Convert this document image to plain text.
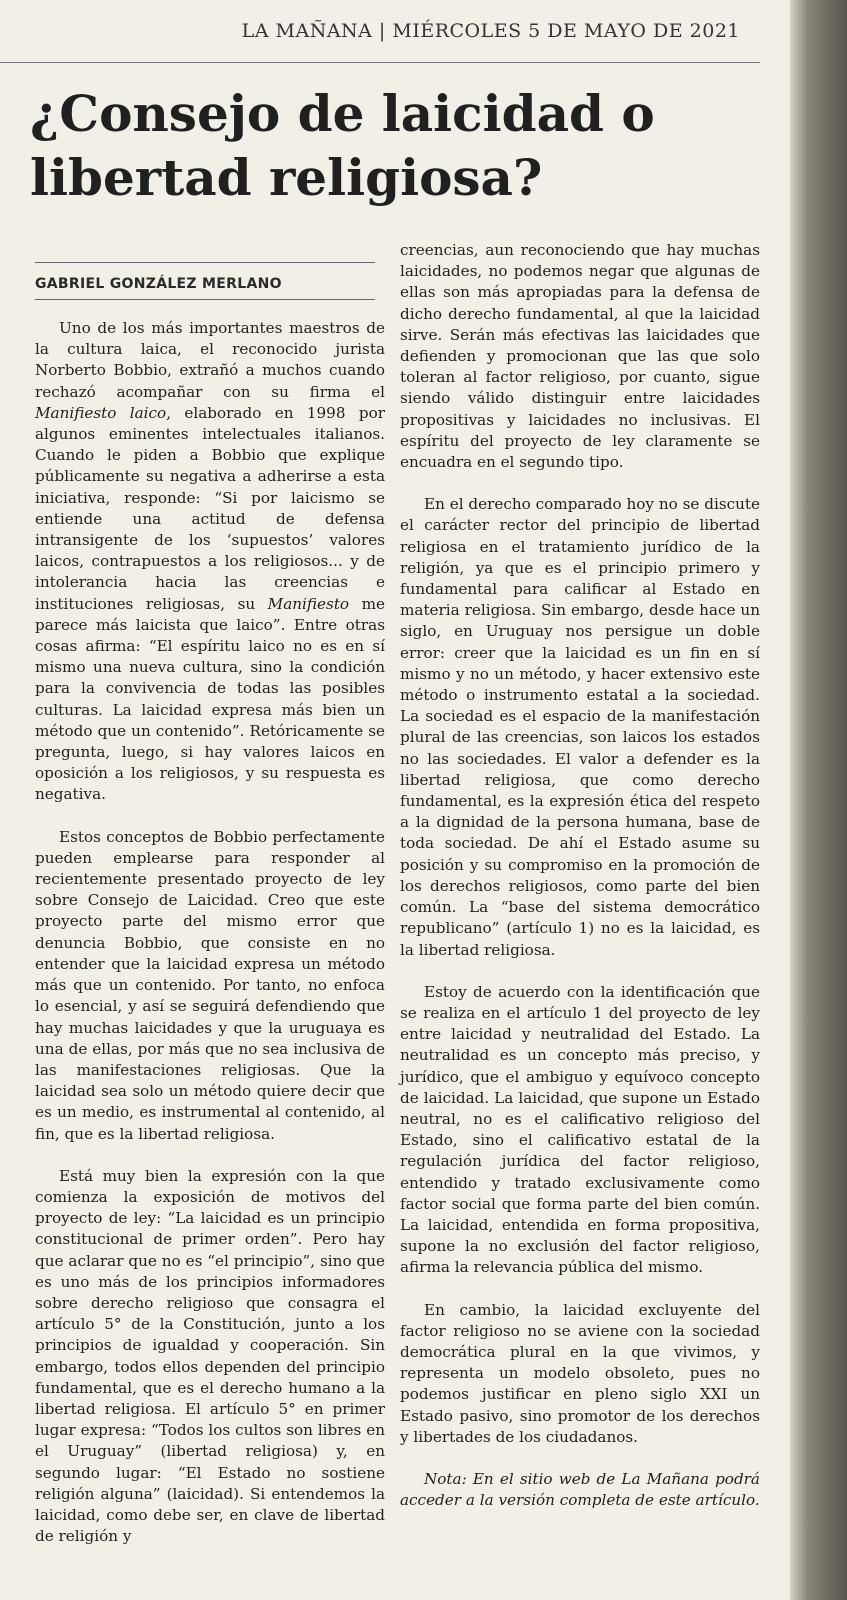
LA MAÑANA | MIÉRCOLES 5 DE MAYO DE 2021
¿Consejo de laicidad o libertad religiosa?
GABRIEL GONZÁLEZ MERLANO

Uno de los más importantes maestros de la cultura laica, el reconocido jurista Norberto Bobbio, extrañó a muchos cuando rechazó acompañar con su firma el Manifiesto laico, elaborado en 1998 por algunos eminentes intelectuales italianos. Cuando le piden a Bobbio que explique públicamente su negativa a adherirse a esta iniciativa, responde: “Si por laicismo se entiende una actitud de defensa intransigente de los ‘supuestos’ valores laicos, contrapuestos a los religiosos... y de intolerancia hacia las creencias e instituciones religiosas, su Manifiesto me parece más laicista que laico”. Entre otras cosas afirma: “El espíritu laico no es en sí mismo una nueva cultura, sino la condición para la convivencia de todas las posibles culturas. La laicidad expresa más bien un método que un contenido”. Retóricamente se pregunta, luego, si hay valores laicos en oposición a los religiosos, y su respuesta es negativa.

Estos conceptos de Bobbio perfectamente pueden emplearse para responder al recientemente presentado proyecto de ley sobre Consejo de Laicidad. Creo que este proyecto parte del mismo error que denuncia Bobbio, que consiste en no entender que la laicidad expresa un método más que un contenido. Por tanto, no enfoca lo esencial, y así se seguirá defendiendo que hay muchas laicidades y que la uruguaya es una de ellas, por más que no sea inclusiva de las manifestaciones religiosas. Que la laicidad sea solo un método quiere decir que es un medio, es instrumental al contenido, al fin, que es la libertad religiosa.

Está muy bien la expresión con la que comienza la exposición de motivos del proyecto de ley: “La laicidad es un principio constitucional de primer orden”. Pero hay que aclarar que no es “el principio”, sino que es uno más de los principios informadores sobre derecho religioso que consagra el artículo 5° de la Constitución, junto a los principios de igualdad y cooperación. Sin embargo, todos ellos dependen del principio fundamental, que es el derecho humano a la libertad religiosa. El artículo 5° en primer lugar expresa: “Todos los cultos son libres en el Uruguay” (libertad religiosa) y, en segundo lugar: “El Estado no sostiene religión alguna” (laicidad). Si entendemos la laicidad, como debe ser, en clave de libertad de religión y

creencias, aun reconociendo que hay muchas laicidades, no podemos negar que algunas de ellas son más apropiadas para la defensa de dicho derecho fundamental, al que la laicidad sirve. Serán más efectivas las laicidades que defienden y promocionan que las que solo toleran al factor religioso, por cuanto, sigue siendo válido distinguir entre laicidades propositivas y laicidades no inclusivas. El espíritu del proyecto de ley claramente se encuadra en el segundo tipo.

En el derecho comparado hoy no se discute el carácter rector del principio de libertad religiosa en el tratamiento jurídico de la religión, ya que es el principio primero y fundamental para calificar al Estado en materia religiosa. Sin embargo, desde hace un siglo, en Uruguay nos persigue un doble error: creer que la laicidad es un fin en sí mismo y no un método, y hacer extensivo este método o instrumento estatal a la sociedad. La sociedad es el espacio de la manifestación plural de las creencias, son laicos los estados no las sociedades. El valor a defender es la libertad religiosa, que como derecho fundamental, es la expresión ética del respeto a la dignidad de la persona humana, base de toda sociedad. De ahí el Estado asume su posición y su compromiso en la promoción de los derechos religiosos, como parte del bien común. La “base del sistema democrático republicano” (artículo 1) no es la laicidad, es la libertad religiosa.

Estoy de acuerdo con la identificación que se realiza en el artículo 1 del proyecto de ley entre laicidad y neutralidad del Estado. La neutralidad es un concepto más preciso, y jurídico, que el ambiguo y equívoco concepto de laicidad. La laicidad, que supone un Estado neutral, no es el calificativo religioso del Estado, sino el calificativo estatal de la regulación jurídica del factor religioso, entendido y tratado exclusivamente como factor social que forma parte del bien común. La laicidad, entendida en forma propositiva, supone la no exclusión del factor religioso, afirma la relevancia pública del mismo.

En cambio, la laicidad excluyente del factor religioso no se aviene con la sociedad democrática plural en la que vivimos, y representa un modelo obsoleto, pues no podemos justificar en pleno siglo XXI un Estado pasivo, sino promotor de los derechos y libertades de los ciudadanos.

Nota: En el sitio web de La Mañana podrá acceder a la versión completa de este artículo.
